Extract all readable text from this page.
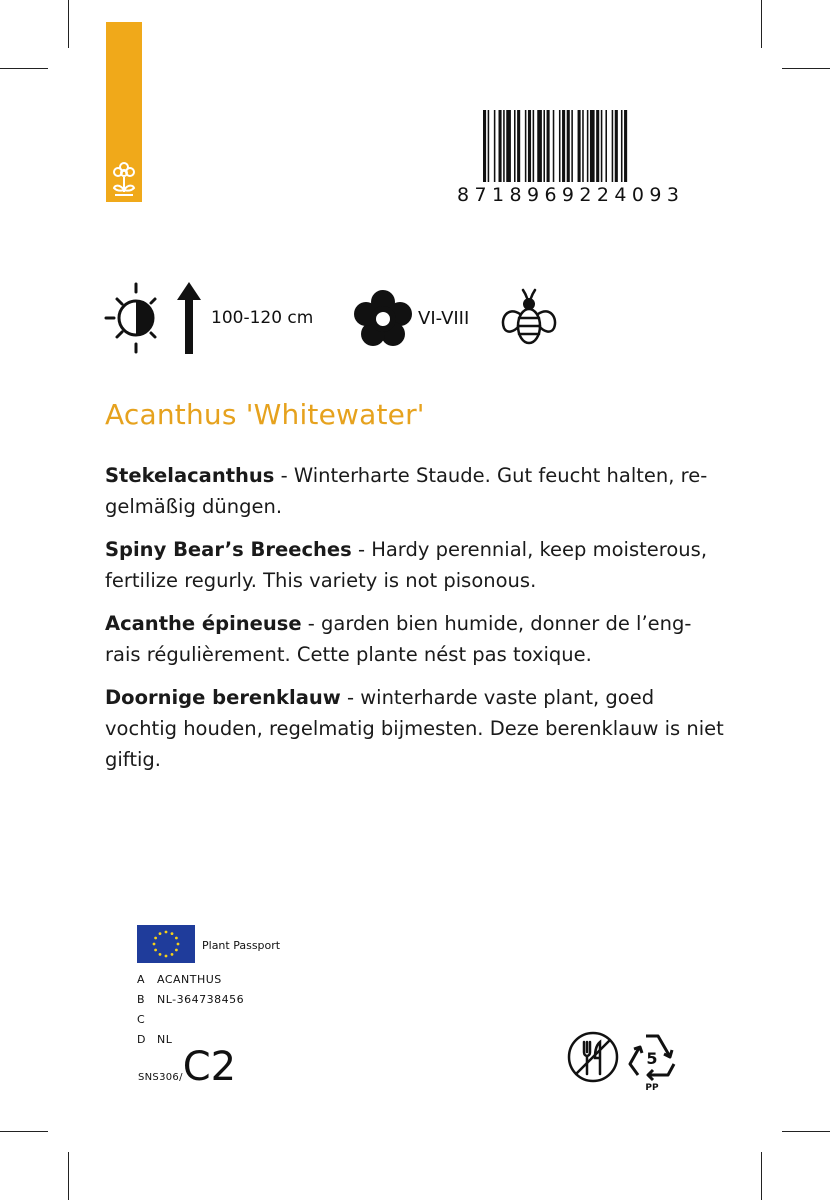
8718969224093
100-120 cm	VI-VIII
Acanthus 'Whitewater'

Stekelacanthus - Winterharte Staude. Gut feucht halten, re-gelmäßig düngen.

Spiny Bear’s Breeches - Hardy perennial, keep moisterous, fertilize regurly. This variety is not pisonous.

Acanthe épineuse - garden bien humide, donner de l’eng-rais régulièrement. Cette plante nést pas toxique.

Doornige berenklauw - winterharde vaste plant, goed vochtig houden, regelmatig bijmesten. Deze berenklauw is niet giftig.

Plant Passport
A ACANTHUS
B NL-364738456
C
D NL
SNS306/C2	5
PP
